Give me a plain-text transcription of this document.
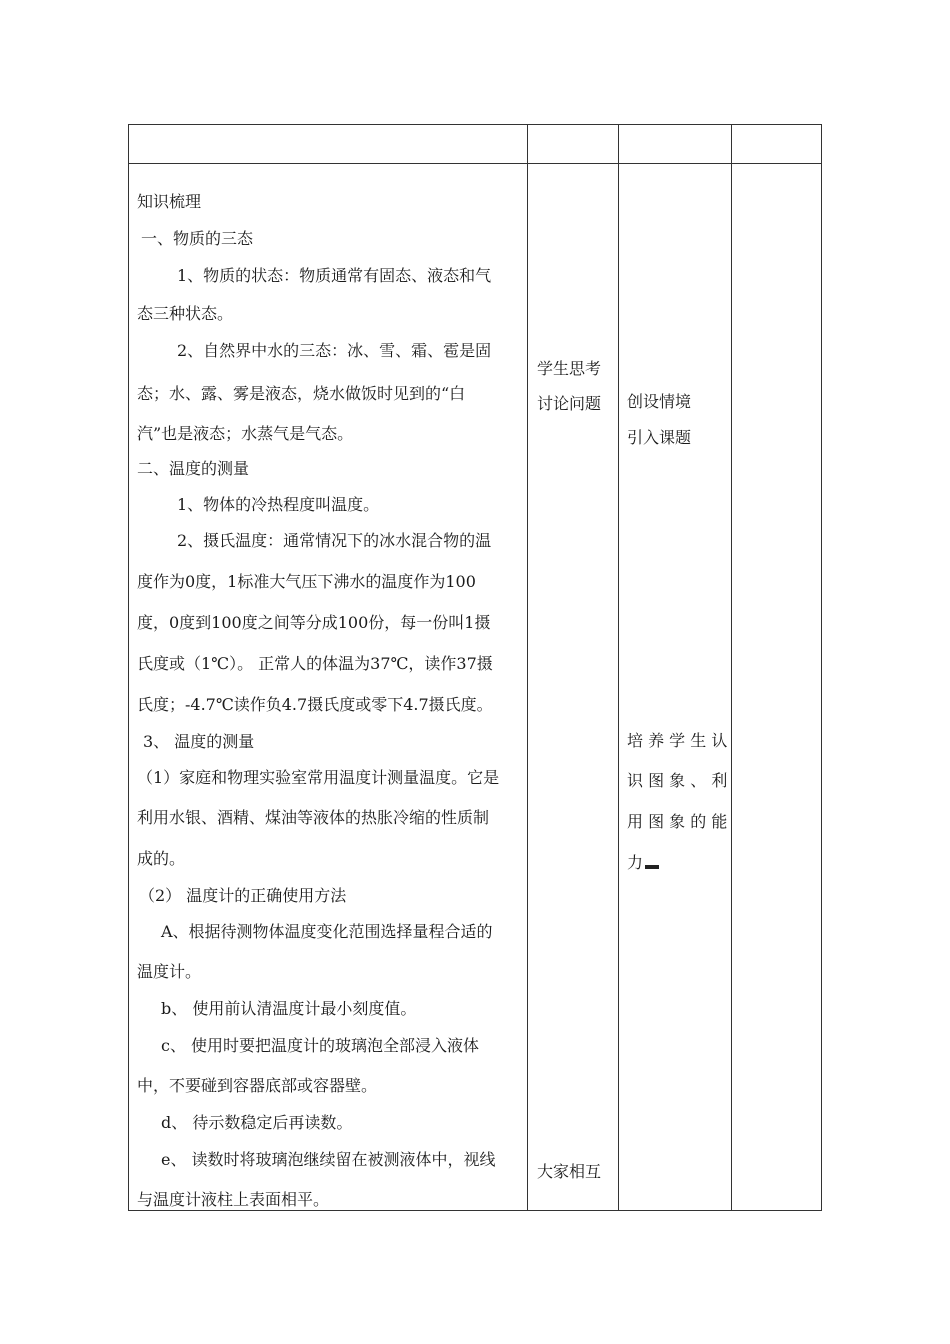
知识梳理
一、物质的三态
1、物质的状态：物质通常有固态、液态和气
态三种状态。
2、自然界中水的三态：冰、雪、霜、雹是固
态；水、露、雾是液态，烧水做饭时见到的“白
汽”也是液态；水蒸气是气态。
二、温度的测量
1、物体的冷热程度叫温度。
2、摄氏温度：通常情况下的冰水混合物的温
度作为0度，1标准大气压下沸水的温度作为100
度，0度到100度之间等分成100份，每一份叫1摄
氏度或（1℃）。 正常人的体温为37℃，读作37摄
氏度；-4.7℃读作负4.7摄氏度或零下4.7摄氏度。
3、 温度的测量
（1）家庭和物理实验室常用温度计测量温度。它是
利用水银、酒精、煤油等液体的热胀冷缩的性质制
成的。
（2） 温度计的正确使用方法
A、根据待测物体温度变化范围选择量程合适的
温度计。
b、 使用前认清温度计最小刻度值。
c、 使用时要把温度计的玻璃泡全部浸入液体
中，不要碰到容器底部或容器壁。
d、 待示数稳定后再读数。
e、 读数时将玻璃泡继续留在被测液体中，视线
与温度计液柱上表面相平。
学生思考
讨论问题
大家相互
创设情境
引入课题
培 养 学 生 认
识 图 象 、 利
用 图 象 的 能
力
